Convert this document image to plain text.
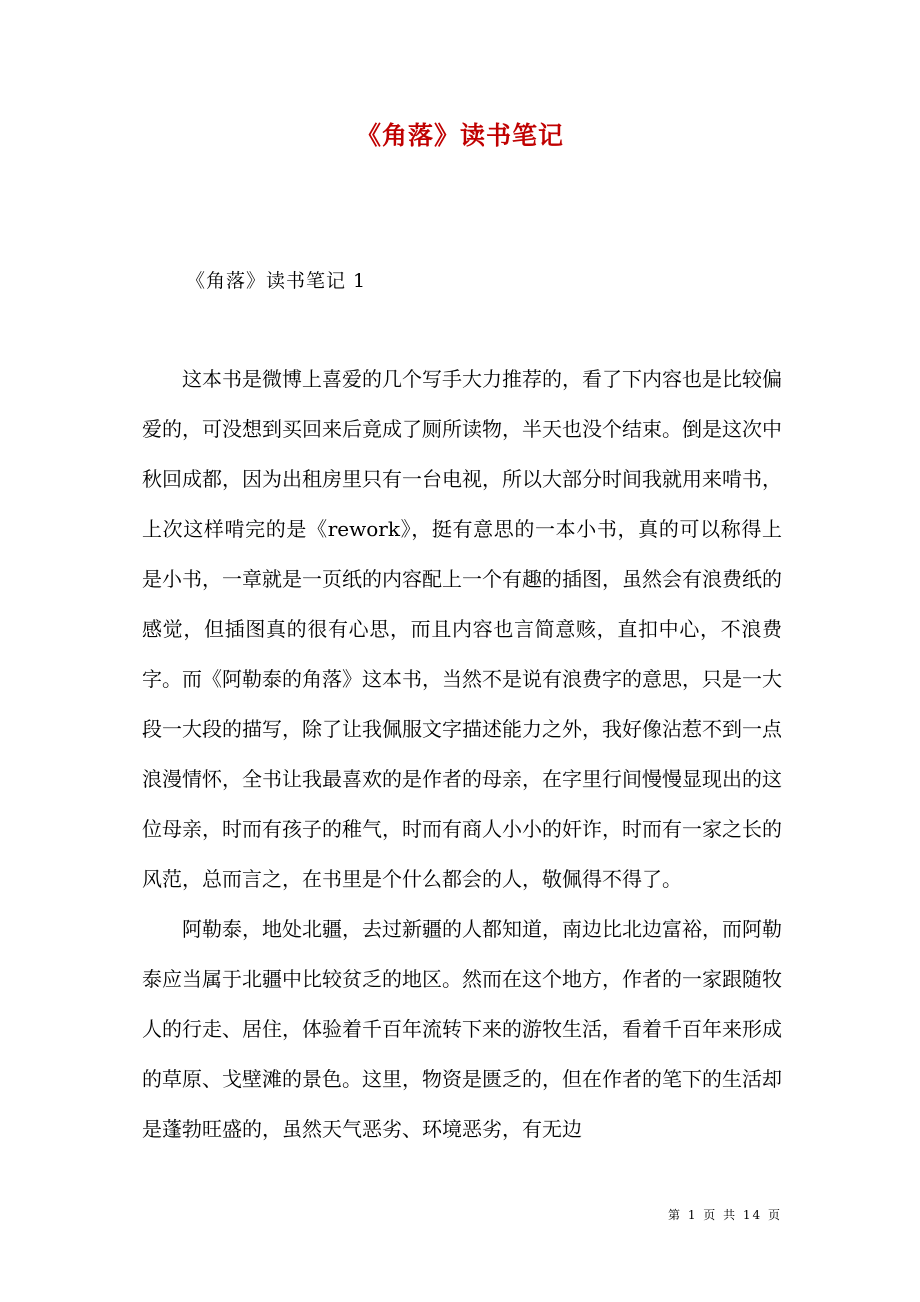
《角落》读书笔记
《角落》读书笔记 1

这本书是微博上喜爱的几个写手大力推荐的，看了下内容也是比较偏爱的，可没想到买回来后竟成了厕所读物，半天也没个结束。倒是这次中秋回成都，因为出租房里只有一台电视，所以大部分时间我就用来啃书，上次这样啃完的是《rework》，挺有意思的一本小书，真的可以称得上是小书，一章就是一页纸的内容配上一个有趣的插图，虽然会有浪费纸的感觉，但插图真的很有心思，而且内容也言简意赅，直扣中心，不浪费字。而《阿勒泰的角落》这本书，当然不是说有浪费字的意思，只是一大段一大段的描写，除了让我佩服文字描述能力之外，我好像沾惹不到一点浪漫情怀，全书让我最喜欢的是作者的母亲，在字里行间慢慢显现出的这位母亲，时而有孩子的稚气，时而有商人小小的奸诈，时而有一家之长的风范，总而言之，在书里是个什么都会的人，敬佩得不得了。

阿勒泰，地处北疆，去过新疆的人都知道，南边比北边富裕，而阿勒泰应当属于北疆中比较贫乏的地区。然而在这个地方，作者的一家跟随牧人的行走、居住，体验着千百年流转下来的游牧生活，看着千百年来形成的草原、戈壁滩的景色。这里，物资是匮乏的，但在作者的笔下的生活却是蓬勃旺盛的，虽然天气恶劣、环境恶劣，有无边

第 1 页 共 14 页
